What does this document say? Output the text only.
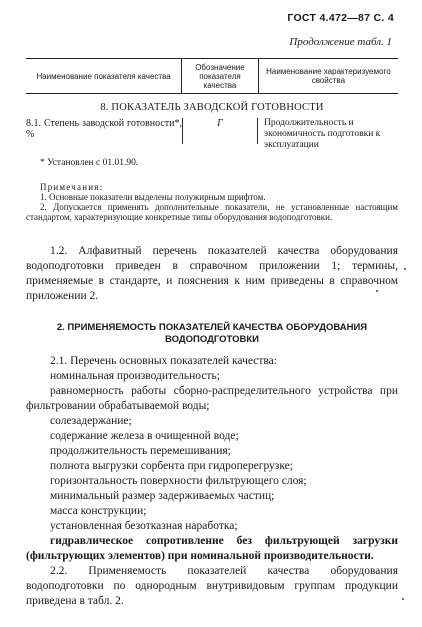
ГОСТ 4.472—87 С. 4
Продолжение табл. 1
Наименование показателя качества
Обозначение показателя качества
Наименование характеризуемого свойства
8. ПОКАЗАТЕЛЬ ЗАВОДСКОЙ ГОТОВНОСТИ
8.1. Степень заводской готовности*, %
Г	Продолжительность и экономичность подготовки к эксплуатации
* Установлен с 01.01.90.
Примечания:
1. Основные показатели выделены полужирным шрифтом.
2. Допускается применять дополнительные показатели, не установленные настоящим стандартом, характеризующие конкретные типы оборудования водоподготовки.
1.2. Алфавитный перечень показателей качества оборудования водоподготовки приведен в справочном приложении 1; термины, применяемые в стандарте, и пояснения к ним приведены в справочном приложении 2.
2. ПРИМЕНЯЕМОСТЬ ПОКАЗАТЕЛЕЙ КАЧЕСТВА ОБОРУДОВАНИЯ ВОДОПОДГОТОВКИ
2.1. Перечень основных показателей качества:
номинальная производительность;
равномерность работы сборно-распределительного устройства при фильтровании обрабатываемой воды;
солезадержание;
содержание железа в очищенной воде;
продолжительность перемешивания;
полнота выгрузки сорбента при гидроперегрузке;
горизонтальность поверхности фильтрующего слоя;
минимальный размер задерживаемых частиц;
масса конструкции;
установленная безотказная наработка;
гидравлическое сопротивление без фильтрующей загрузки (фильтрующих элементов) при номинальной производительности.
2.2. Применяемость показателей качества оборудования водоподготовки по однородным внутривидовым группам продукции приведена в табл. 2.
